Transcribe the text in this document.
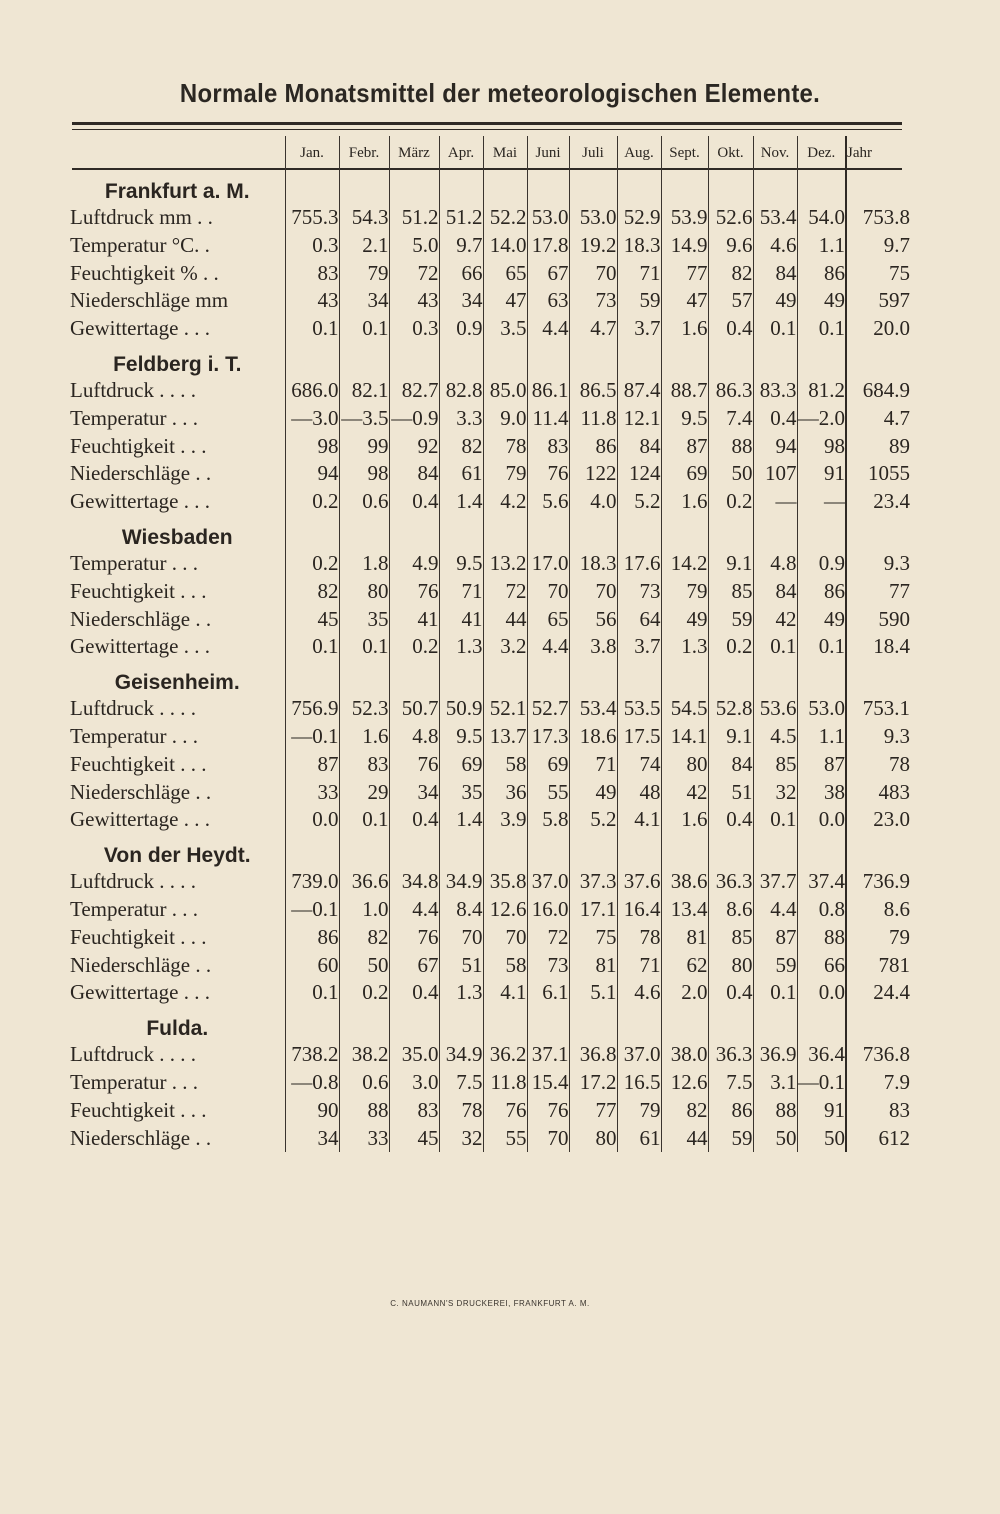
Normale Monatsmittel der meteorologischen Elemente.
	Jan.	Febr.	März	Apr.	Mai	Juni	Juli	Aug.	Sept.	Okt.	Nov.	Dez.	Jahr
Frankfurt a. M.													
Luftdruck mm . .	755.3	54.3	51.2	51.2	52.2	53.0	53.0	52.9	53.9	52.6	53.4	54.0	753.8
Temperatur °C. .	0.3	2.1	5.0	9.7	14.0	17.8	19.2	18.3	14.9	9.6	4.6	1.1	9.7
Feuchtigkeit % . .	83	79	72	66	65	67	70	71	77	82	84	86	75
Niederschläge mm	43	34	43	34	47	63	73	59	47	57	49	49	597
Gewittertage . . .	0.1	0.1	0.3	0.9	3.5	4.4	4.7	3.7	1.6	0.4	0.1	0.1	20.0
Feldberg i. T.													
Luftdruck . . . .	686.0	82.1	82.7	82.8	85.0	86.1	86.5	87.4	88.7	86.3	83.3	81.2	684.9
Temperatur . . .	—3.0	—3.5	—0.9	3.3	9.0	11.4	11.8	12.1	9.5	7.4	0.4	—2.0	4.7
Feuchtigkeit . . .	98	99	92	82	78	83	86	84	87	88	94	98	89
Niederschläge . .	94	98	84	61	79	76	122	124	69	50	107	91	1055
Gewittertage . . .	0.2	0.6	0.4	1.4	4.2	5.6	4.0	5.2	1.6	0.2	—	—	23.4
Wiesbaden													
Temperatur . . .	0.2	1.8	4.9	9.5	13.2	17.0	18.3	17.6	14.2	9.1	4.8	0.9	9.3
Feuchtigkeit . . .	82	80	76	71	72	70	70	73	79	85	84	86	77
Niederschläge . .	45	35	41	41	44	65	56	64	49	59	42	49	590
Gewittertage . . .	0.1	0.1	0.2	1.3	3.2	4.4	3.8	3.7	1.3	0.2	0.1	0.1	18.4
Geisenheim.													
Luftdruck . . . .	756.9	52.3	50.7	50.9	52.1	52.7	53.4	53.5	54.5	52.8	53.6	53.0	753.1
Temperatur . . .	—0.1	1.6	4.8	9.5	13.7	17.3	18.6	17.5	14.1	9.1	4.5	1.1	9.3
Feuchtigkeit . . .	87	83	76	69	58	69	71	74	80	84	85	87	78
Niederschläge . .	33	29	34	35	36	55	49	48	42	51	32	38	483
Gewittertage . . .	0.0	0.1	0.4	1.4	3.9	5.8	5.2	4.1	1.6	0.4	0.1	0.0	23.0
Von der Heydt.													
Luftdruck . . . .	739.0	36.6	34.8	34.9	35.8	37.0	37.3	37.6	38.6	36.3	37.7	37.4	736.9
Temperatur . . .	—0.1	1.0	4.4	8.4	12.6	16.0	17.1	16.4	13.4	8.6	4.4	0.8	8.6
Feuchtigkeit . . .	86	82	76	70	70	72	75	78	81	85	87	88	79
Niederschläge . .	60	50	67	51	58	73	81	71	62	80	59	66	781
Gewittertage . . .	0.1	0.2	0.4	1.3	4.1	6.1	5.1	4.6	2.0	0.4	0.1	0.0	24.4
Fulda.													
Luftdruck . . . .	738.2	38.2	35.0	34.9	36.2	37.1	36.8	37.0	38.0	36.3	36.9	36.4	736.8
Temperatur . . .	—0.8	0.6	3.0	7.5	11.8	15.4	17.2	16.5	12.6	7.5	3.1	—0.1	7.9
Feuchtigkeit . . .	90	88	83	78	76	76	77	79	82	86	88	91	83
Niederschläge . .	34	33	45	32	55	70	80	61	44	59	50	50	612
C. NAUMANN'S DRUCKEREI, FRANKFURT A. M.
